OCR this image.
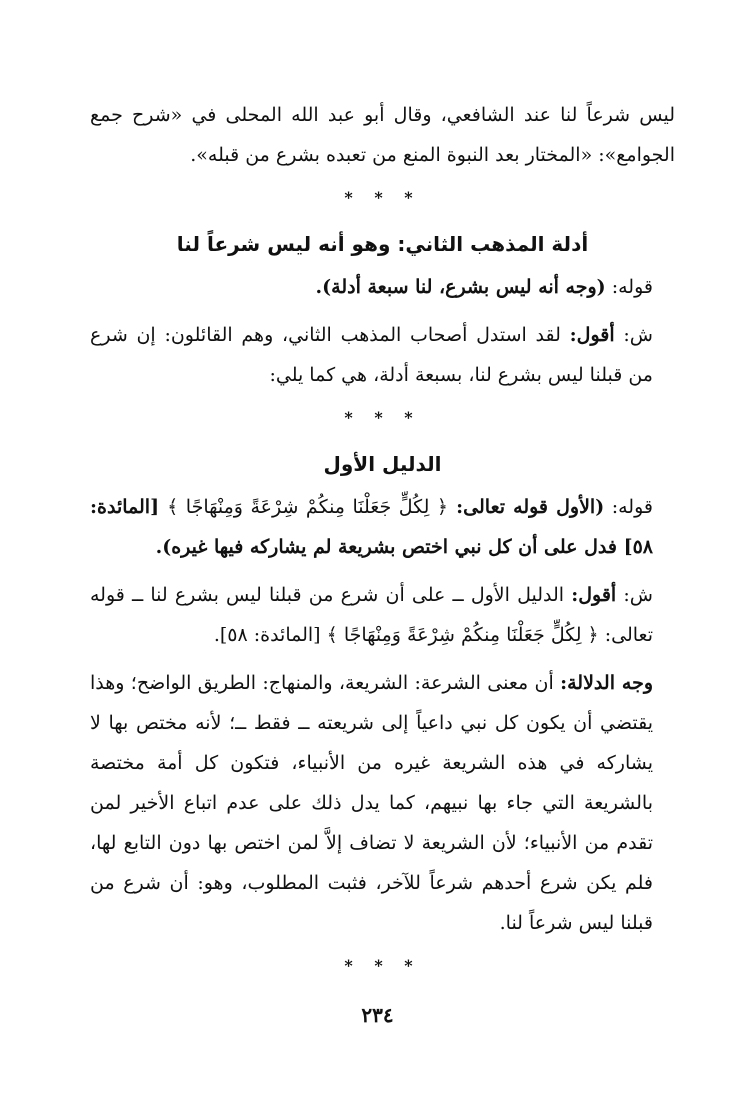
ليس شرعاً لنا عند الشافعي، وقال أبو عبد الله المحلى في «شرح جمع الجوامع»: «المختار بعد النبوة المنع من تعبده بشرع من قبله».

* * *
أدلة المذهب الثاني: وهو أنه ليس شرعاً لنا

قوله: (وجه أنه ليس بشرع، لنا سبعة أدلة).

ش: أقول: لقد استدل أصحاب المذهب الثاني، وهم القائلون: إن شرع من قبلنا ليس بشرع لنا، بسبعة أدلة، هي كما يلي:

* * *
الدليل الأول

قوله: (الأول قوله تعالى: ﴿ لِكُلٍّ جَعَلْنَا مِنكُمْ شِرْعَةً وَمِنْهَاجًا ﴾ [المائدة: ٥٨] فدل على أن كل نبي اختص بشريعة لم يشاركه فيها غيره).

ش: أقول: الدليل الأول ــ على أن شرع من قبلنا ليس بشرع لنا ــ قوله تعالى: ﴿ لِكُلٍّ جَعَلْنَا مِنكُمْ شِرْعَةً وَمِنْهَاجًا ﴾ [المائدة: ٥٨].

وجه الدلالة: أن معنى الشرعة: الشريعة، والمنهاج: الطريق الواضح؛ وهذا يقتضي أن يكون كل نبي داعياً إلى شريعته ــ فقط ــ؛ لأنه مختص بها لا يشاركه في هذه الشريعة غيره من الأنبياء، فتكون كل أمة مختصة بالشريعة التي جاء بها نبيهم، كما يدل ذلك على عدم اتباع الأخير لمن تقدم من الأنبياء؛ لأن الشريعة لا تضاف إلاَّ لمن اختص بها دون التابع لها، فلم يكن شرع أحدهم شرعاً للآخر، فثبت المطلوب، وهو: أن شرع من قبلنا ليس شرعاً لنا.

* * *
٢٣٤
